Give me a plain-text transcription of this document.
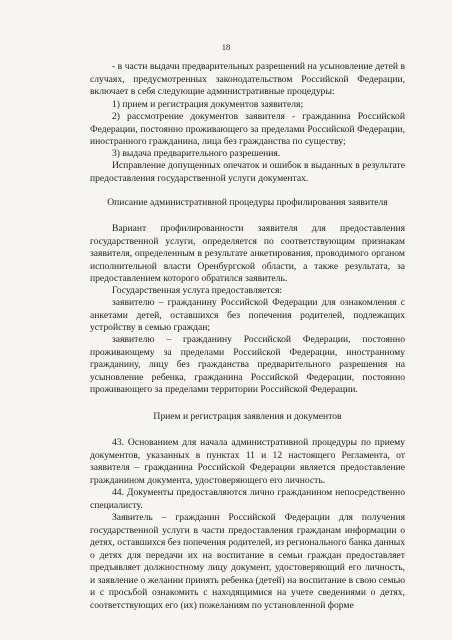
18
- в части выдачи предварительных разрешений на усыновление детей в случаях, предусмотренных законодательством Российской Федерации, включает в себя следующие административные процедуры:
1) прием и регистрация документов заявителя;
2) рассмотрение документов заявителя - гражданина Российской Федерации, постоянно проживающего за пределами Российской Федерации, иностранного гражданина, лица без гражданства по существу;
3) выдача предварительного разрешения.
Исправление допущенных опечаток и ошибок в выданных в результате предоставления государственной услуги документах.
Описание административной процедуры профилирования заявителя
Вариант профилированности заявителя для предоставления государственной услуги, определяется по соответствующим признакам заявителя, определенным в результате анкетирования, проводимого органом исполнительной власти Оренбургской области, а также результата, за предоставлением которого обратился заявитель.
Государственная услуга предоставляется:
заявителю – гражданину Российской Федерации для ознакомления с анкетами детей, оставшихся без попечения родителей, подлежащих устройству в семью граждан;
заявителю – гражданину Российской Федерации, постоянно проживающему за пределами Российской Федерации, иностранному гражданину, лицу без гражданства предварительного разрешения на усыновление ребенка, гражданина Российской Федерации, постоянно проживающего за пределами территории Российской Федерации.
Прием и регистрация заявления и документов
43. Основанием для начала административной процедуры по приему документов, указанных в пунктах 11 и 12 настоящего Регламента, от заявителя – гражданина Российской Федерации является предоставление гражданином документа, удостоверяющего его личность.
44. Документы предоставляются лично гражданином непосредственно специалисту.
Заявитель – гражданин Российской Федерации для получения государственной услуги в части предоставления гражданам информации о детях, оставшихся без попечения родителей, из регионального банка данных о детях для передачи их на воспитание в семьи граждан предоставляет предъявляет должностному лицу документ, удостоверяющий его личность, и заявление о желании принять ребенка (детей) на воспитание в свою семью и с просьбой ознакомить с находящимися на учете сведениями о детях, соответствующих его (их) пожеланиям по установленной форме
